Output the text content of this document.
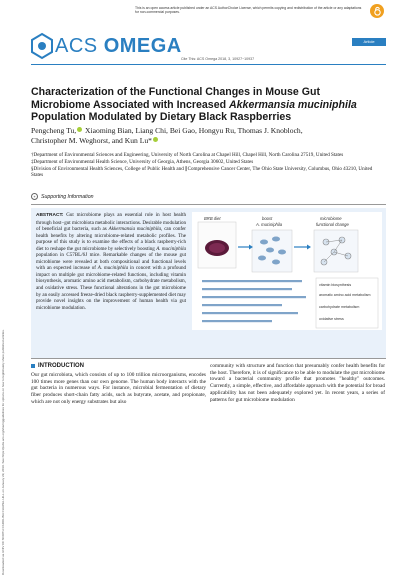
Downloaded via UNIV OF NORTH CAROLINA CHAPEL HILL on January 29, 2019. See https://pubs.acs.org/sharingguidelines for options on how to legitimately share published articles.
This is an open access article published under an ACS AuthorChoice License, which permits copying and redistribution of the article or any adaptations for non-commercial purposes.
ACS OMEGA
Cite This: ACS Omega 2018, 3, 10927−10937
Article
Characterization of the Functional Changes in Mouse Gut Microbiome Associated with Increased Akkermansia muciniphila Population Modulated by Dietary Black Raspberries
Pengcheng Tu, Xiaoming Bian, Liang Chi, Bei Gao, Hongyu Ru, Thomas J. Knobloch,
Christopher M. Weghorst, and Kun Lu*

†Department of Environmental Sciences and Engineering, University of North Carolina at Chapel Hill, Chapel Hill, North Carolina 27519, United States

‡Department of Environmental Health Science, University of Georgia, Athens, Georgia 30602, United States

§Division of Environmental Health Sciences, College of Public Health and ∥Comprehensive Cancer Center, The Ohio State University, Columbus, Ohio 43210, United States

+	Supporting Information
ABSTRACT: Gut microbiome plays an essential role in host health through host−gut microbiota metabolic interactions. Desirable modulation of beneficial gut bacteria, such as Akkermansia muciniphila, can confer health benefits by altering microbiome-related metabolic profiles. The purpose of this study is to examine the effects of a black raspberry-rich diet to reshape the gut microbiome by selectively boosting A. muciniphila population in C57BL/6J mice. Remarkable changes of the mouse gut microbiome were revealed at both compositional and functional levels with an expected increase of A. muciniphila in concert with a profound impact on multiple gut microbiome-related functions, including vitamin biosynthesis, aromatic amino acid metabolism, carbohydrate metabolism, and oxidative stress. These functional alterations in the gut microbiome by an easily accessed freeze-dried black raspberry-supplemented diet may provide novel insights on the improvement of human health via gut microbiome modulation.
BRB diet	boost
A. muciniphila
microbiome
functional change
vitamin biosynthesis
aromatic amino acid metabolism
carbohydrate metabolism
oxidative stress
INTRODUCTION
Our gut microbiota, which consists of up to 100 trillion microorganisms, encodes 100 times more genes than our own genome. The human body interacts with the gut bacteria in numerous ways. For instance, microbial fermentation of dietary fiber produces short-chain fatty acids, such as butyrate, acetate, and propionate, which are not only energy substrates but also
community with structure and function that presumably confer health benefits for the host. Therefore, it is of significance to be able to modulate the gut microbiome toward a bacterial community profile that promotes "healthy" outcomes. Currently, a simple, effective, and affordable approach with the potential for broad applicability has not been adequately explored yet. In recent years, a series of patterns for gut microbiome modulation
